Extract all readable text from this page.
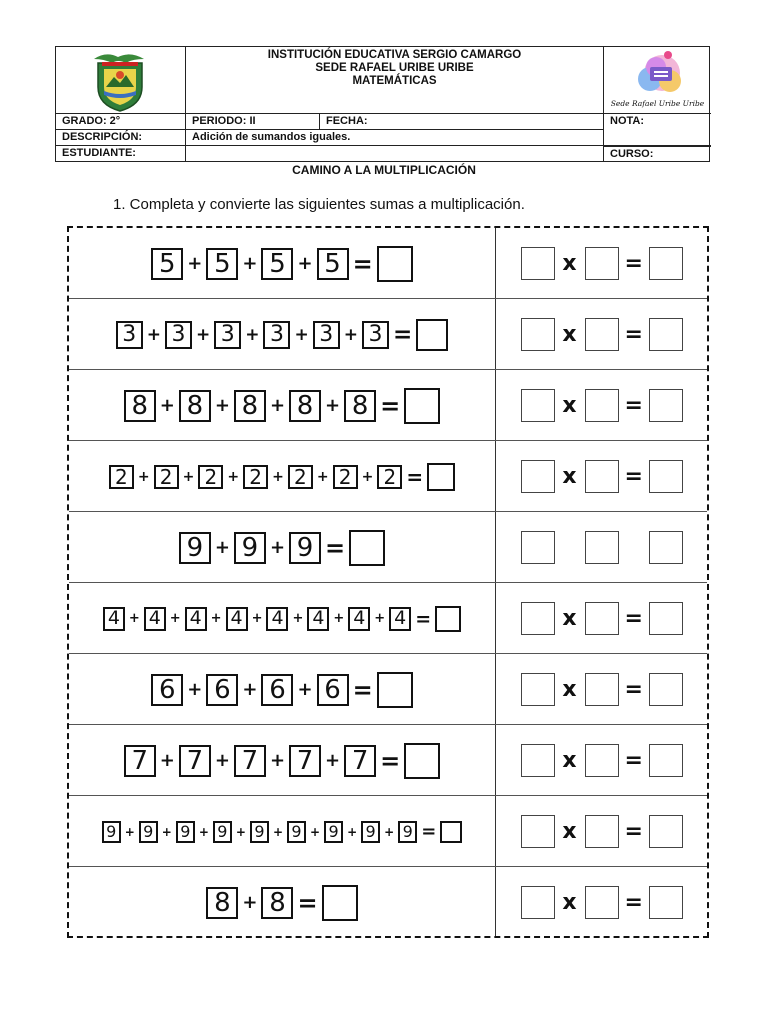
INSTITUCIÓN EDUCATIVA SERGIO CAMARGO
SEDE RAFAEL URIBE URIBE
MATEMÁTICAS
Sede Rafael Uribe Uribe
GRADO: 2°	PERIODO: II	FECHA:	NOTA:
DESCRIPCIÓN:	Adición de sumandos iguales.
ESTUDIANTE:	CURSO:
CAMINO A LA MULTIPLICACIÓN
1. Completa y convierte las siguientes sumas a multiplicación.
5 + 5 + 5 + 5 =	x =
3 + 3 + 3 + 3 + 3 + 3 =	x =
8 + 8 + 8 + 8 + 8 =	x =
2 + 2 + 2 + 2 + 2 + 2 + 2 =	x =
9 + 9 + 9 =
4 + 4 + 4 + 4 + 4 + 4 + 4 + 4 =	x =
6 + 6 + 6 + 6 =	x =
7 + 7 + 7 + 7 + 7 =	x =
9 + 9 + 9 + 9 + 9 + 9 + 9 + 9 + 9 =	x =
8 + 8 =	x =
